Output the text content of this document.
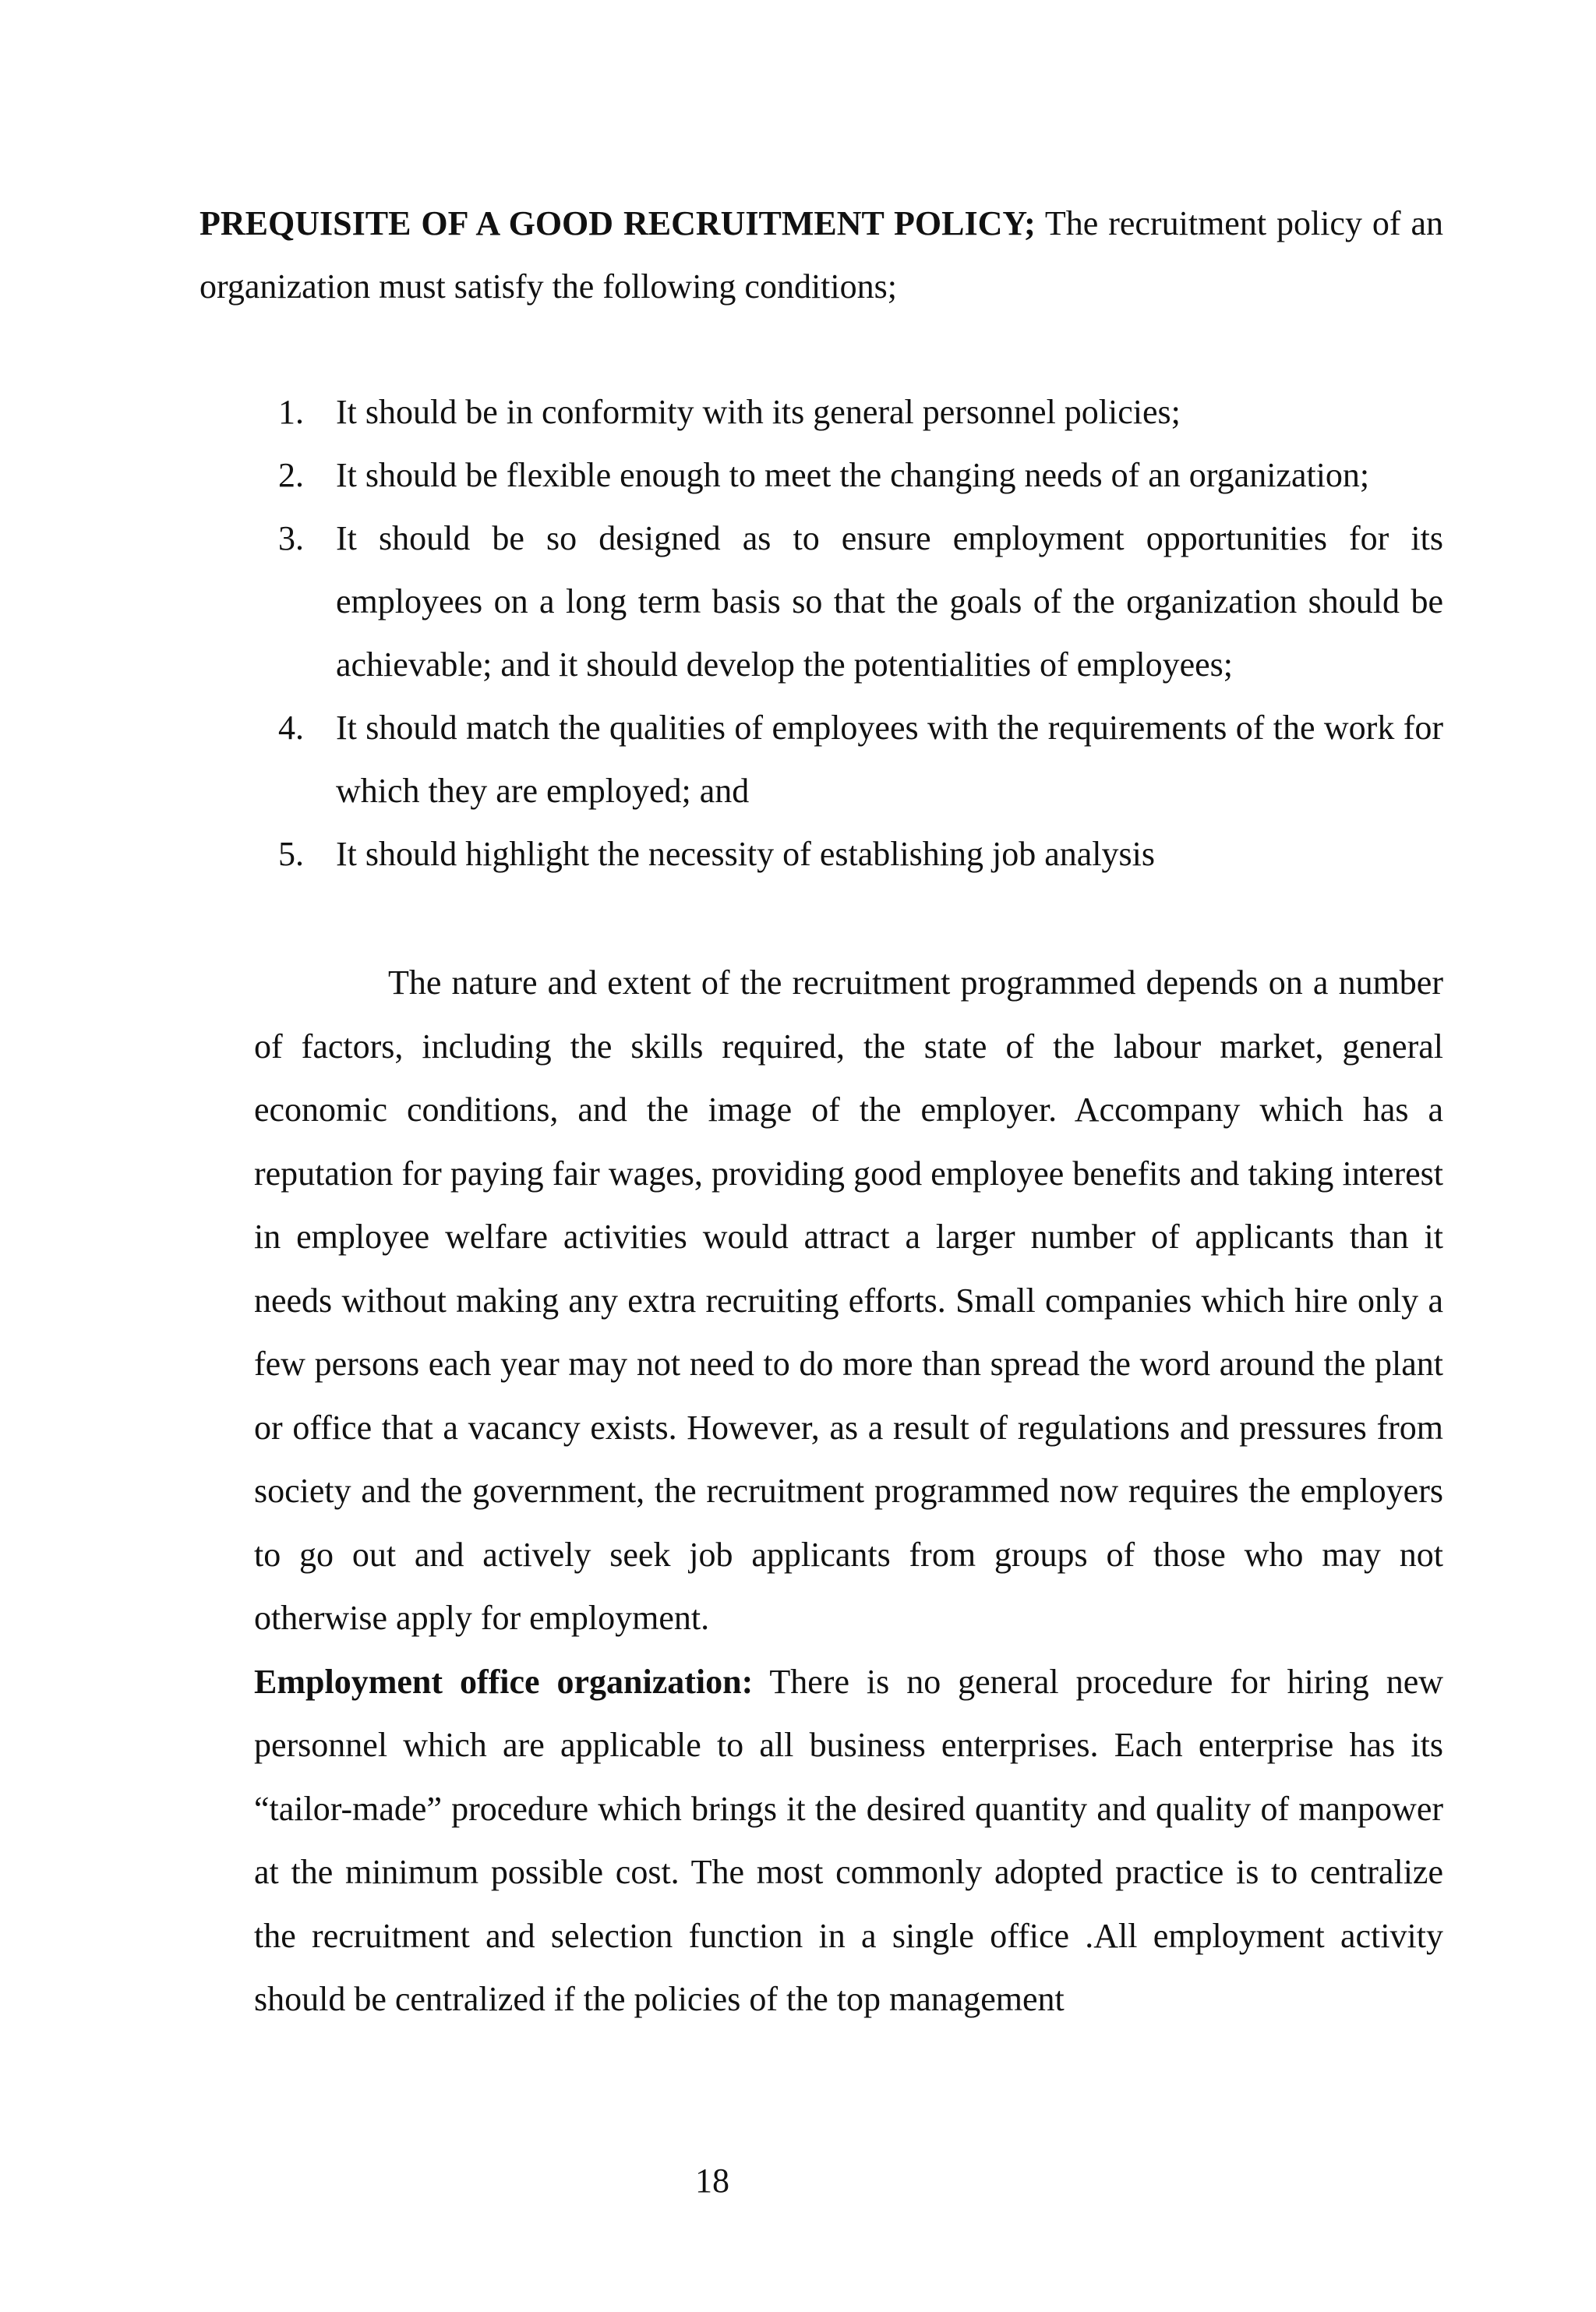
PREQUISITE OF A GOOD RECRUITMENT POLICY; The recruitment policy of an organization must satisfy the following conditions;

1. It should be in conformity with its general personnel policies;
2. It should be flexible enough to meet the changing needs of an organization;
3. It should be so designed as to ensure employment opportunities for its employees on a long term basis so that the goals of the organization should be achievable; and it should develop the potentialities of employees;
4. It should match the qualities of employees with the requirements of the work for which they are employed; and
5. It should highlight the necessity of establishing job analysis

The nature and extent of the recruitment programmed depends on a number of factors, including the skills required, the state of the labour market, general economic conditions, and the image of the employer. Accompany which has a reputation for paying fair wages, providing good employee benefits and taking interest in employee welfare activities would attract a larger number of applicants than it needs without making any extra recruiting efforts. Small companies which hire only a few persons each year may not need to do more than spread the word around the plant or office that a vacancy exists. However, as a result of regulations and pressures from society and the government, the recruitment programmed now requires the employers to go out and actively seek job applicants from groups of those who may not otherwise apply for employment.

Employment office organization: There is no general procedure for hiring new personnel which are applicable to all business enterprises. Each enterprise has its “tailor-made” procedure which brings it the desired quantity and quality of manpower at the minimum possible cost. The most commonly adopted practice is to centralize the recruitment and selection function in a single office .All employment activity should be centralized if the policies of the top management

18
